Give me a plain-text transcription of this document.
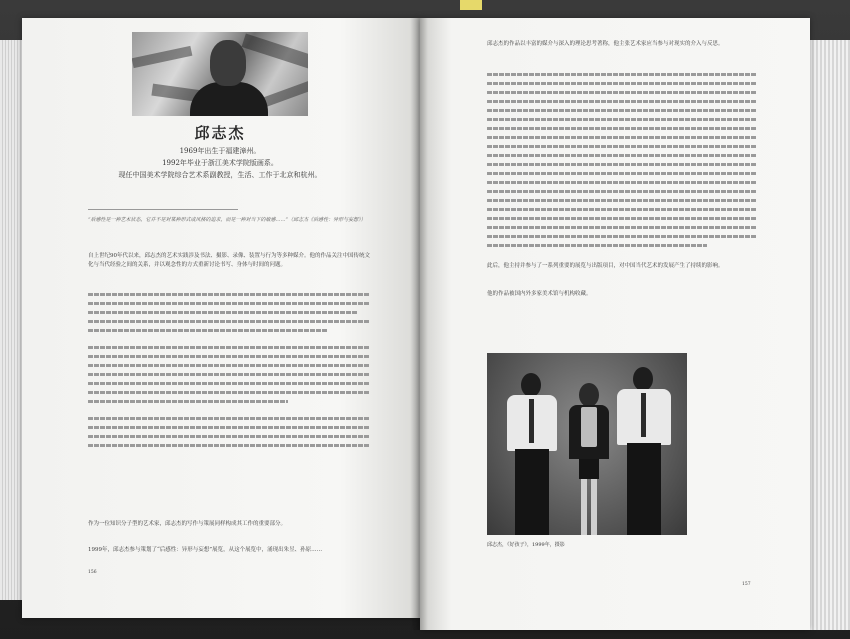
邱志杰
1969年出生于福建漳州。
1992年毕业于浙江美术学院版画系。
现任中国美术学院综合艺术系副教授，生活、工作于北京和杭州。
“后感性是一种艺术状态，它并不是对某种形式或风格的追求，而是一种对当下的敏感……”（邱志杰《后感性：异形与妄想》）
自上世纪90年代以来，邱志杰的艺术实践涉及书法、摄影、录像、装置与行为等多种媒介。他的作品关注中国传统文化与当代经验之间的关系，并以观念性的方式重新讨论书写、身体与时间的问题。
作为一位知识分子型的艺术家，邱志杰的写作与策展同样构成其工作的重要部分。
1999年，邱志杰参与策划了“后感性：异形与妄想”展览，从这个展览中，涌现出朱昱、孙原……
156
邱志杰的作品以丰富的媒介与深入的理论思考著称，他主张艺术家应当参与对现实的介入与反思。
此后，他主持并参与了一系列重要的展览与出版项目，对中国当代艺术的发展产生了持续的影响。
他的作品被国内外多家美术馆与机构收藏。
邱志杰，《好孩子》，1999年，摄影
157
